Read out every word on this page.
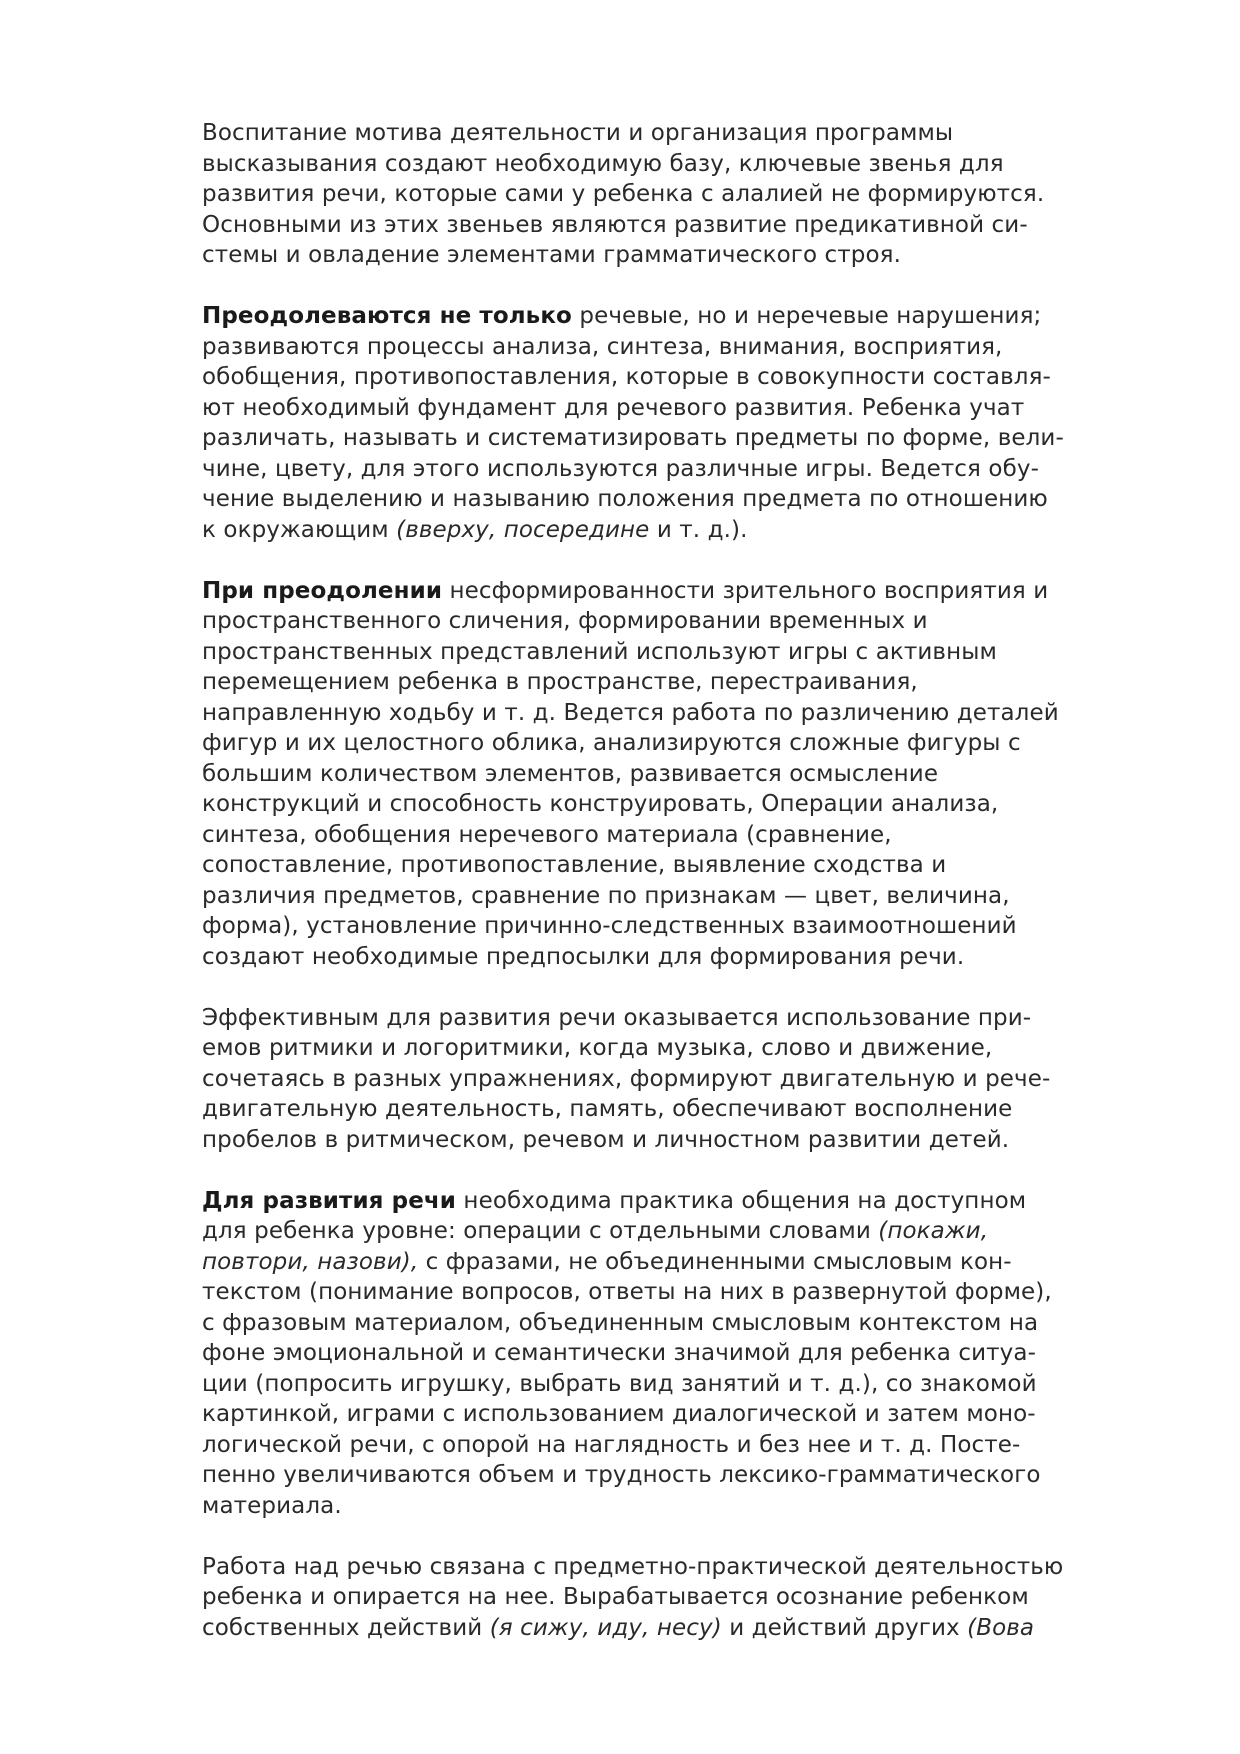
Воспитание мотива деятельности и организация программы
высказывания создают необходимую базу, ключевые звенья для
развития речи, которые сами у ребенка с алалией не формируются.
Основными из этих звеньев являются развитие предикативной си-
стемы и овладение элементами грамматического строя.
Преодолеваются не только речевые, но и неречевые нарушения;
развиваются процессы анализа, синтеза, внимания, восприятия,
обобщения, противопоставления, которые в совокупности составля-
ют необходимый фундамент для речевого развития. Ребенка учат
различать, называть и систематизировать предметы по форме, вели-
чине, цвету, для этого используются различные игры. Ведется обу-
чение выделению и называнию положения предмета по отношению
к окружающим (вверху, посередине и т. д.).
При преодолении несформированности зрительного восприятия и
пространственного сличения, формировании временных и
пространственных представлений используют игры с активным
перемещением ребенка в пространстве, перестраивания,
направленную ходьбу и т. д. Ведется работа по различению деталей
фигур и их целостного облика, анализируются сложные фигуры с
большим количеством элементов, развивается осмысление
конструкций и способность конструировать, Операции анализа,
синтеза, обобщения неречевого материала (сравнение,
сопоставление, противопоставление, выявление сходства и
различия предметов, сравнение по признакам — цвет, величина,
форма), установление причинно-следственных взаимоотношений
создают необходимые предпосылки для формирования речи.
Эффективным для развития речи оказывается использование при-
емов ритмики и логоритмики, когда музыка, слово и движение,
сочетаясь в разных упражнениях, формируют двигательную и рече-
двигательную деятельность, память, обеспечивают восполнение
пробелов в ритмическом, речевом и личностном развитии детей.
Для развития речи необходима практика общения на доступном
для ребенка уровне: операции с отдельными словами (покажи,
повтори, назови), с фразами, не объединенными смысловым кон-
текстом (понимание вопросов, ответы на них в развернутой форме),
с фразовым материалом, объединенным смысловым контекстом на
фоне эмоциональной и семантически значимой для ребенка ситуа-
ции (попросить игрушку, выбрать вид занятий и т. д.), со знакомой
картинкой, играми с использованием диалогической и затем моно-
логической речи, с опорой на наглядность и без нее и т. д. Посте-
пенно увеличиваются объем и трудность лексико-грамматического
материала.
Работа над речью связана с предметно-практической деятельностью
ребенка и опирается на нее. Вырабатывается осознание ребенком
собственных действий (я сижу, иду, несу) и действий других (Вова
